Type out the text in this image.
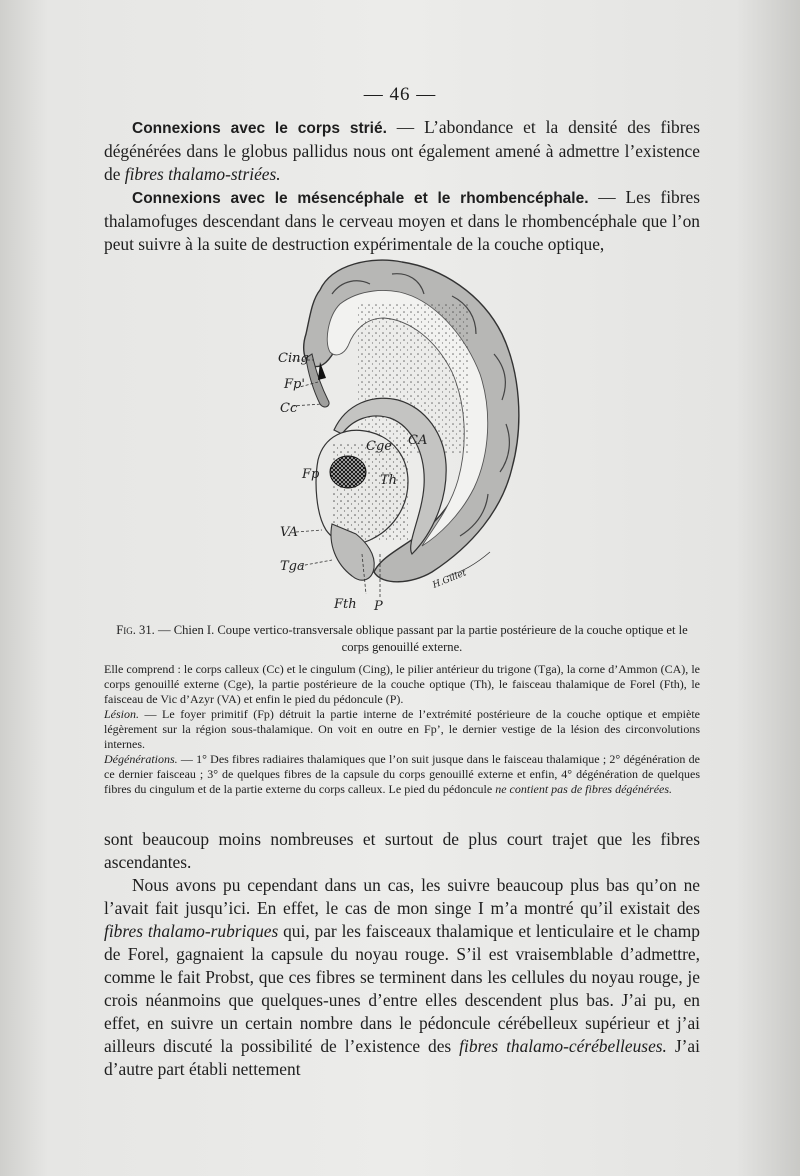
— 46 —

Connexions avec le corps strié. — L’abondance et la densité des fibres dégénérées dans le globus pallidus nous ont également amené à admettre l’existence de fibres thalamo-striées.

Connexions avec le mésencéphale et le rhombencéphale. — Les fibres thalamofuges descendant dans le cerveau moyen et dans le rhombencéphale que l’on peut suivre à la suite de destruction expérimentale de la couche optique,

Cing
Fp'
Cc
Cge CA
Fp	Th
VA
Tga
Fth P
H.Gillet
Fig. 31. — Chien I. Coupe vertico-transversale oblique passant par la partie postérieure de la couche optique et le corps genouillé externe.
Elle comprend : le corps calleux (Cc) et le cingulum (Cing), le pilier antérieur du trigone (Tga), la corne d’Ammon (CA), le corps genouillé externe (Cge), la partie postérieure de la couche optique (Th), le faisceau thalamique de Forel (Fth), le faisceau de Vic d’Azyr (VA) et enfin le pied du pédoncule (P).
Lésion. — Le foyer primitif (Fp) détruit la partie interne de l’extrémité postérieure de la couche optique et empiète légèrement sur la région sous-thalamique. On voit en outre en Fp’, le dernier vestige de la lésion des circonvolutions internes.
Dégénérations. — 1° Des fibres radiaires thalamiques que l’on suit jusque dans le faisceau thalamique ; 2° dégénération de ce dernier faisceau ; 3° de quelques fibres de la capsule du corps genouillé externe et enfin, 4° dégénération de quelques fibres du cingulum et de la partie externe du corps calleux. Le pied du pédoncule ne contient pas de fibres dégénérées.

sont beaucoup moins nombreuses et surtout de plus court trajet que les fibres ascendantes.

Nous avons pu cependant dans un cas, les suivre beaucoup plus bas qu’on ne l’avait fait jusqu’ici. En effet, le cas de mon singe I m’a montré qu’il existait des fibres thalamo-rubriques qui, par les faisceaux thalamique et lenticulaire et le champ de Forel, gagnaient la capsule du noyau rouge. S’il est vraisemblable d’admettre, comme le fait Probst, que ces fibres se terminent dans les cellules du noyau rouge, je crois néanmoins que quelques-unes d’entre elles descendent plus bas. J’ai pu, en effet, en suivre un certain nombre dans le pédoncule cérébelleux supérieur et j’ai ailleurs discuté la possibilité de l’existence des fibres thalamo-cérébelleuses. J’ai d’autre part établi nettement
